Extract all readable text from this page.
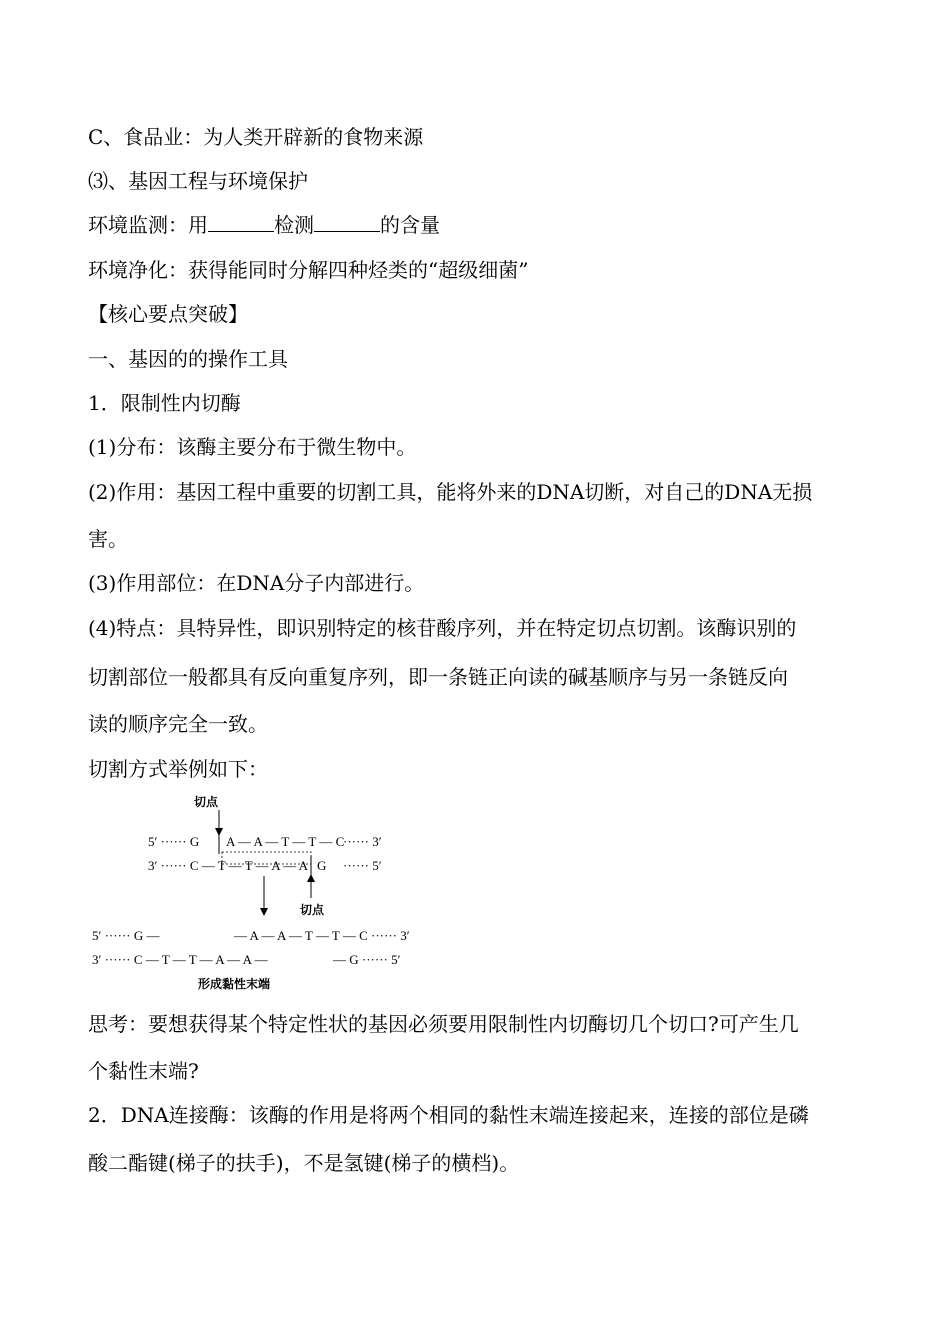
C、食品业：为人类开辟新的食物来源
⑶、基因工程与环境保护
环境监测：用	检测	的含量
环境净化：获得能同时分解四种烃类的“超级细菌”
【核心要点突破】
一、基因的的操作工具
1．限制性内切酶
(1)分布：该酶主要分布于微生物中。
(2)作用：基因工程中重要的切割工具，能将外来的DNA切断，对自己的DNA无损
害。
(3)作用部位：在DNA分子内部进行。
(4)特点：具特异性，即识别特定的核苷酸序列，并在特定切点切割。该酶识别的
切割部位一般都具有反向重复序列，即一条链正向读的碱基顺序与另一条链反向
读的顺序完全一致。
切割方式举例如下：
切点
5′ ······ G A — A — T — T — C
······ 3′
3′ ······ C — T — T — A — A G ······ 5′
切点
5′ ······ G —	— A — A — T — T — C ······ 3′
3′ ······ C — T — T — A — A —	— G ······ 5′
形成黏性末端
思考：要想获得某个特定性状的基因必须要用限制性内切酶切几个切口?可产生几
个黏性末端?
2．DNA连接酶：该酶的作用是将两个相同的黏性末端连接起来，连接的部位是磷
酸二酯键(梯子的扶手)，不是氢键(梯子的横档)。
